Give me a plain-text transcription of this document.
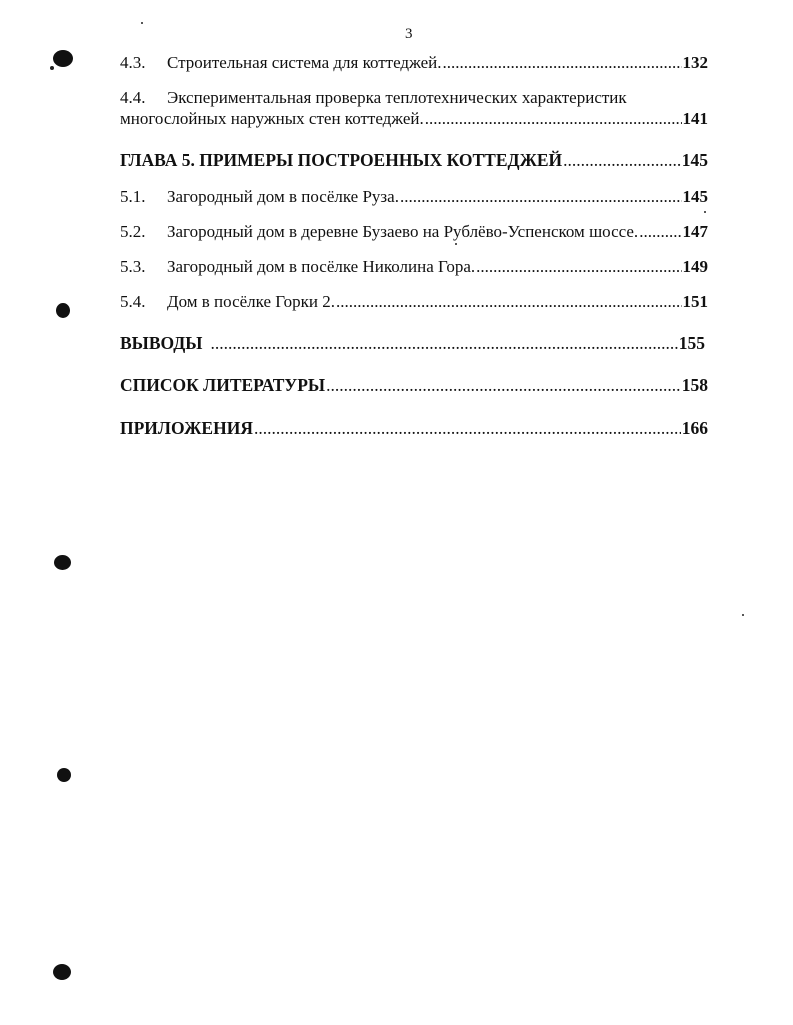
3
4.3.	Строительная система для коттеджей. .....	132
4.4. Экспериментальная проверка теплотехнических характеристик
многослойных наружных стен коттеджей. .....	141
ГЛАВА 5. ПРИМЕРЫ ПОСТРОЕННЫХ КОТТЕДЖЕЙ .....	145
5.1.	Загородный дом в посёлке Руза. .....	145
5.2.	Загородный дом в деревне Бузаево на Рублёво-Успенском шоссе. .....	147
5.3.	Загородный дом в посёлке Николина Гора. .....	149
5.4.	Дом в посёлке Горки 2. .....	151
ВЫВОДЫ .....	155
СПИСОК ЛИТЕРАТУРЫ .....	158
ПРИЛОЖЕНИЯ .....	166
